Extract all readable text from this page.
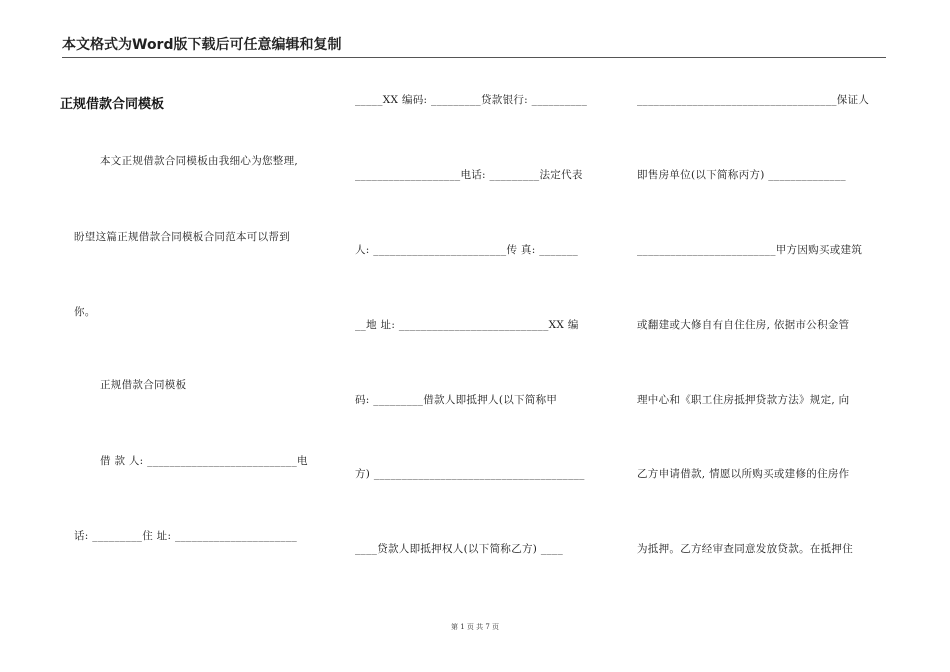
本文格式为Word版下载后可任意编辑和复制
正规借款合同模板
本文正规借款合同模板由我细心为您整理,
盼望这篇正规借款合同模板合同范本可以帮到
你。
正规借款合同模板
借 款 人: ___________________________电
话: _________住 址: ______________________
_____XX 编码: _________贷款银行: __________
___________________电话: _________法定代表
人: ________________________传 真: _______
__地 址: ___________________________XX 编
码: _________借款人即抵押人(以下简称甲
方) ______________________________________
____贷款人即抵押权人(以下简称乙方) ____
____________________________________保证人
即售房单位(以下简称丙方) ______________
_________________________甲方因购买或建筑
或翻建或大修自有自住住房, 依据市公积金管
理中心和《职工住房抵押贷款方法》规定, 向
乙方申请借款, 情愿以所购买或建修的住房作
为抵押。乙方经审查同意发放贷款。在抵押住
第 1 页 共 7 页
